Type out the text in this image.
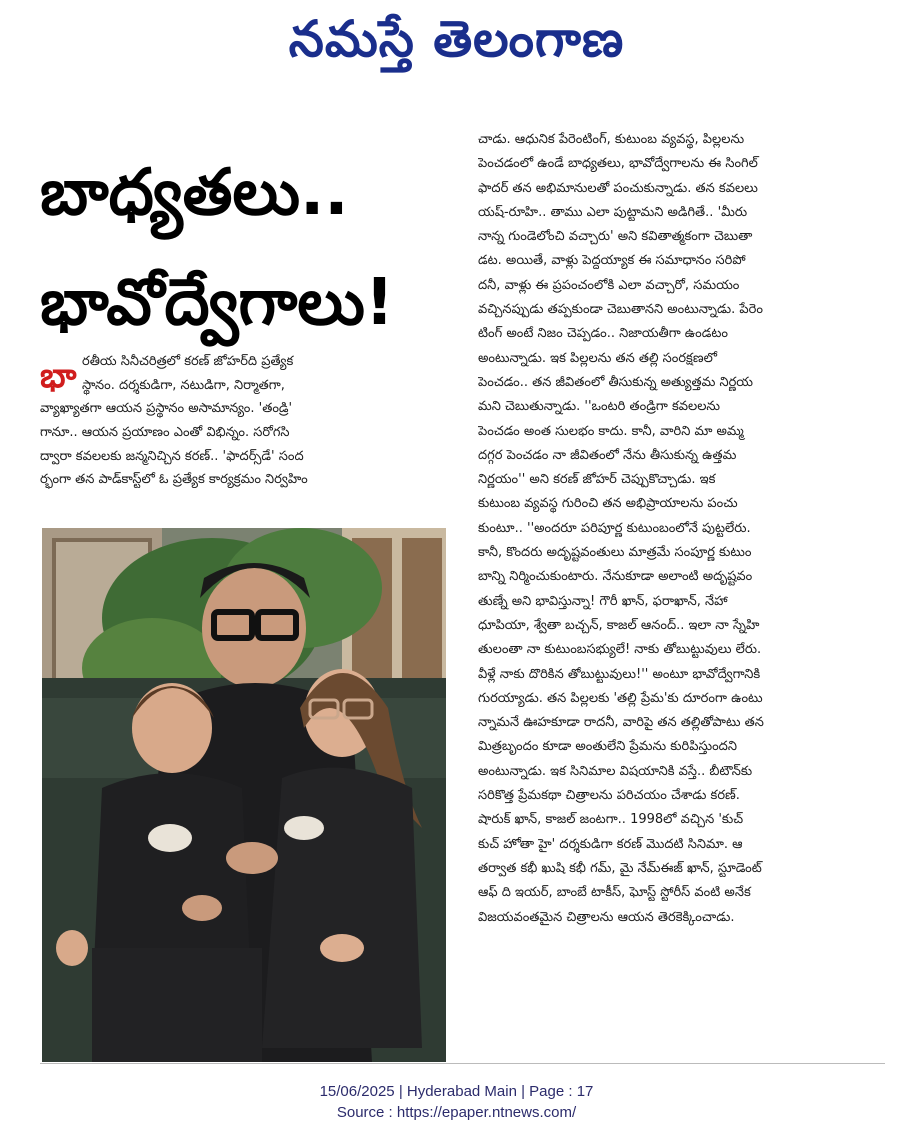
నమస్తే తెలంగాణ
బాధ్యతలు..
భావోద్వేగాలు!
భా రతీయ సినీచరిత్రలో కరణ్ జోహర్‌ది ప్రత్యేక
స్థానం. దర్శకుడిగా, నటుడిగా, నిర్మాతగా,
వ్యాఖ్యాతగా ఆయన ప్రస్థానం అసామాన్యం. 'తండ్రి'
గానూ.. ఆయన ప్రయాణం ఎంతో విభిన్నం. సరోగసి
ద్వారా కవలలకు జన్మనిచ్చిన కరణ్.. 'ఫాదర్స్‌డే' సంద
ర్భంగా తన పాడ్‌కాస్ట్‌లో ఓ ప్రత్యేక కార్యక్రమం నిర్వహిం
చాడు. ఆధునిక పేరెంటింగ్, కుటుంబ వ్యవస్థ, పిల్లలను
పెంచడంలో ఉండే బాధ్యతలు, భావోద్వేగాలను ఈ సింగిల్
ఫాదర్ తన అభిమానులతో పంచుకున్నాడు. తన కవలలు
యష్-రూహి.. తాము ఎలా పుట్టామని అడిగితే.. 'మీరు
నాన్న గుండెలోంచి వచ్చారు' అని కవితాత్మకంగా చెబుతా
డట. అయితే, వాళ్లు పెద్దయ్యాక ఈ సమాధానం సరిపో
దనీ, వాళ్లు ఈ ప్రపంచంలోకి ఎలా వచ్చారో, సమయం
వచ్చినప్పుడు తప్పకుండా చెబుతానని అంటున్నాడు. పేరెం
టింగ్ అంటే నిజం చెప్పడం.. నిజాయతీగా ఉండటం
అంటున్నాడు. ఇక పిల్లలను తన తల్లి సంరక్షణలో
పెంచడం.. తన జీవితంలో తీసుకున్న అత్యుత్తమ నిర్ణయ
మని చెబుతున్నాడు. ''ఒంటరి తండ్రిగా కవలలను
పెంచడం అంత సులభం కాదు. కానీ, వారిని మా అమ్మ
దగ్గర పెంచడం నా జీవితంలో నేను తీసుకున్న ఉత్తమ
నిర్ణయం'' అని కరణ్ జోహర్ చెప్పుకొచ్చాడు. ఇక
కుటుంబ వ్యవస్థ గురించి తన అభిప్రాయాలను పంచు
కుంటూ.. ''అందరూ పరిపూర్ణ కుటుంబంలోనే పుట్టలేరు.
కానీ, కొందరు అదృష్టవంతులు మాత్రమే సంపూర్ణ కుటుం
బాన్ని నిర్మించుకుంటారు. నేనుకూడా అలాంటి అదృష్టవం
తుణ్నే అని భావిస్తున్నా! గౌరీ ఖాన్, ఫరాఖాన్, నేహా
ధూపియా, శ్వేతా బచ్చన్, కాజల్ ఆనంద్.. ఇలా నా స్నేహి
తులంతా నా కుటుంబసభ్యులే! నాకు తోబుట్టువులు లేరు.
వీళ్లే నాకు దొరికిన తోబుట్టువులు!'' అంటూ భావోద్వేగానికి
గురయ్యాడు. తన పిల్లలకు 'తల్లి ప్రేమ'కు దూరంగా ఉంటు
న్నామనే ఊహకూడా రాదనీ, వారిపై తన తల్లితోపాటు తన
మిత్రబృందం కూడా అంతులేని ప్రేమను కురిపిస్తుందని
అంటున్నాడు. ఇక సినిమాల విషయానికి వస్తే.. బీటౌన్‌కు
సరికొత్త ప్రేమకథా చిత్రాలను పరిచయం చేశాడు కరణ్.
షారుక్ ఖాన్, కాజల్ జంటగా.. 1998లో వచ్చిన 'కుచ్
కుచ్ హోతా హై' దర్శకుడిగా కరణ్ మొదటి సినిమా. ఆ
తర్వాత కభీ ఖుషి కభీ గమ్, మై నేమ్‌ఈజ్ ఖాన్, స్టూడెంట్
ఆఫ్ ది ఇయర్, బాంబే టాకీస్, ఘోస్ట్ స్టోరీస్ వంటి అనేక
విజయవంతమైన చిత్రాలను ఆయన తెరకెక్కించాడు.
15/06/2025 | Hyderabad Main | Page : 17
Source : https://epaper.ntnews.com/
